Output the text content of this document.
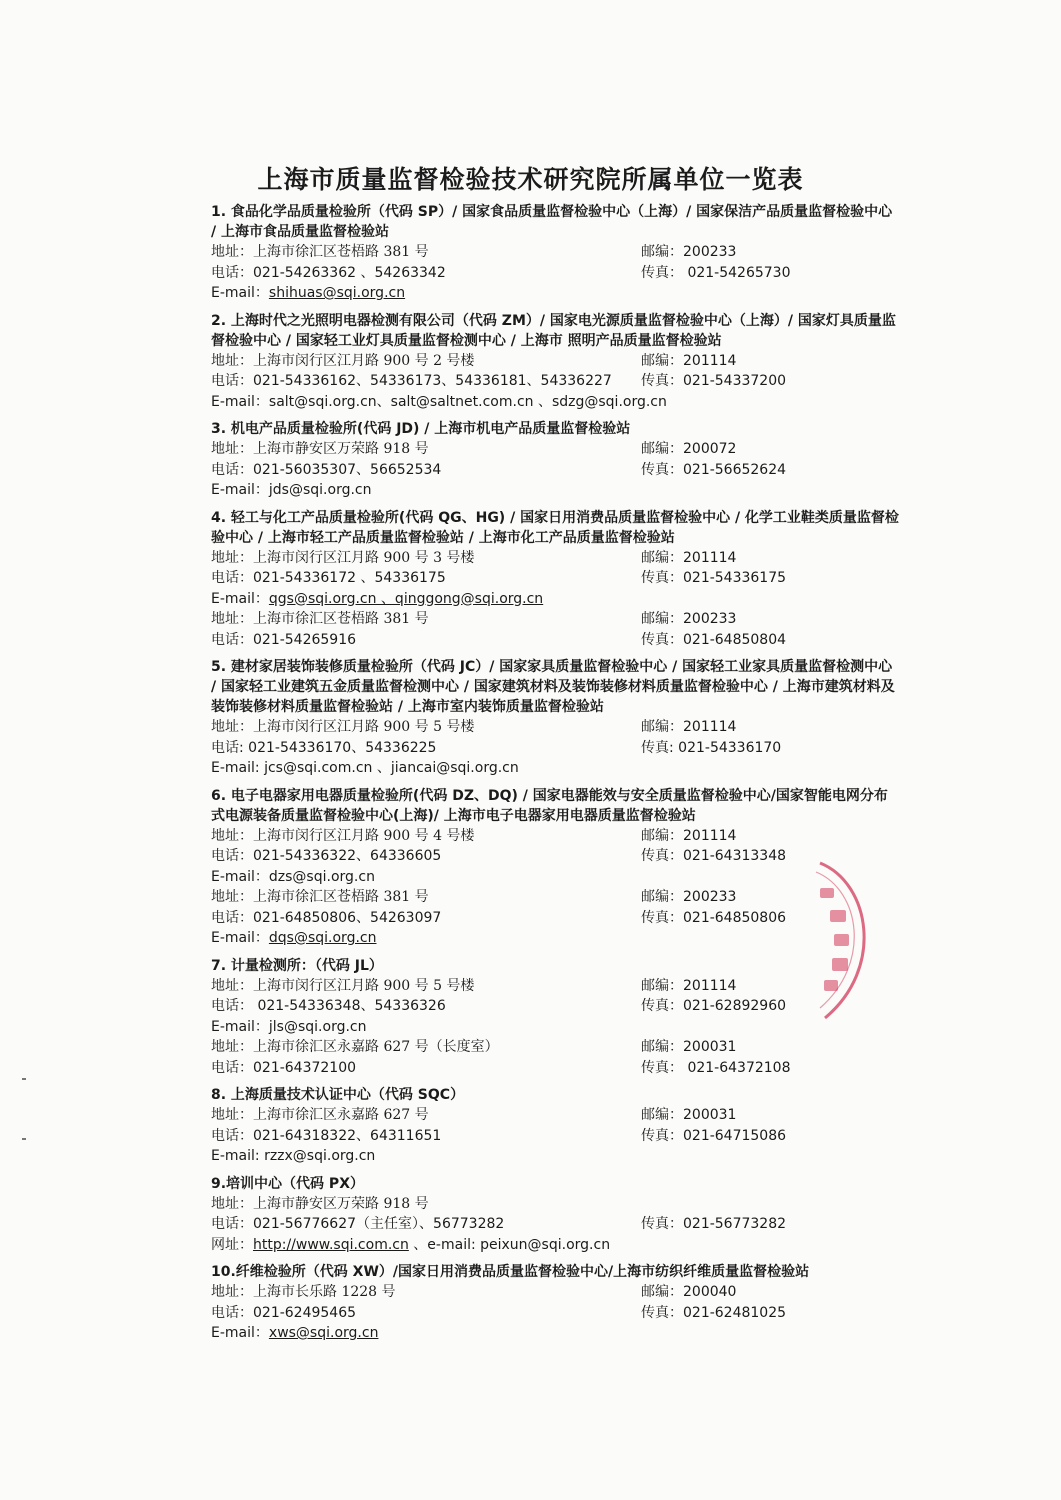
上海市质量监督检验技术研究院所属单位一览表
1. 食品化学品质量检验所（代码 SP）/ 国家食品质量监督检验中心（上海）/ 国家保洁产品质量监督检验中心 / 上海市食品质量监督检验站
地址：上海市徐汇区苍梧路 381 号	邮编：200233
电话：021-54263362 、54263342	传真： 021-54265730
E-mail：shihuas@sqi.org.cn
2. 上海时代之光照明电器检测有限公司（代码 ZM）/ 国家电光源质量监督检验中心（上海）/ 国家灯具质量监督检验中心 / 国家轻工业灯具质量监督检测中心 / 上海市 照明产品质量监督检验站
地址：上海市闵行区江月路 900 号 2 号楼	邮编：201114
电话：021-54336162、54336173、54336181、54336227 传真：021-54337200
E-mail：salt@sqi.org.cn、salt@saltnet.com.cn 、sdzg@sqi.org.cn
3. 机电产品质量检验所(代码 JD) / 上海市机电产品质量监督检验站
地址：上海市静安区万荣路 918 号	邮编：200072
电话：021-56035307、56652534	传真：021-56652624
E-mail：jds@sqi.org.cn
4. 轻工与化工产品质量检验所(代码 QG、HG) / 国家日用消费品质量监督检验中心 / 化学工业鞋类质量监督检验中心 / 上海市轻工产品质量监督检验站 / 上海市化工产品质量监督检验站
地址：上海市闵行区江月路 900 号 3 号楼	邮编：201114
电话：021-54336172 、54336175	传真：021-54336175
E-mail：qgs@sqi.org.cn 、qinggong@sqi.org.cn
地址：上海市徐汇区苍梧路 381 号	邮编：200233
电话：021-54265916	传真：021-64850804
5. 建材家居装饰装修质量检验所（代码 JC）/ 国家家具质量监督检验中心 / 国家轻工业家具质量监督检测中心 / 国家轻工业建筑五金质量监督检测中心 / 国家建筑材料及装饰装修材料质量监督检验中心 / 上海市建筑材料及装饰装修材料质量监督检验站 / 上海市室内装饰质量监督检验站
地址：上海市闵行区江月路 900 号 5 号楼	邮编：201114
电话: 021-54336170、54336225	传真: 021-54336170
E-mail: jcs@sqi.com.cn 、jiancai@sqi.org.cn
6. 电子电器家用电器质量检验所(代码 DZ、DQ) / 国家电器能效与安全质量监督检验中心/国家智能电网分布式电源装备质量监督检验中心(上海)/ 上海市电子电器家用电器质量监督检验站
地址：上海市闵行区江月路 900 号 4 号楼	邮编：201114
电话：021-54336322、64336605	传真：021-64313348
E-mail：dzs@sqi.org.cn
地址：上海市徐汇区苍梧路 381 号	邮编：200233
电话：021-64850806、54263097	传真：021-64850806
E-mail：dqs@sqi.org.cn
7. 计量检测所：（代码 JL）
地址：上海市闵行区江月路 900 号 5 号楼	邮编：201114
电话： 021-54336348、54336326	传真：021-62892960
E-mail：jls@sqi.org.cn
地址：上海市徐汇区永嘉路 627 号（长度室）	邮编：200031
电话：021-64372100	传真： 021-64372108
8. 上海质量技术认证中心（代码 SQC）
地址：上海市徐汇区永嘉路 627 号	邮编：200031
电话：021-64318322、64311651	传真：021-64715086
E-mail: rzzx@sqi.org.cn
9.培训中心（代码 PX）
地址：上海市静安区万荣路 918 号
电话：021-56776627（主任室）、56773282	传真：021-56773282
网址：http://www.sqi.com.cn 、e-mail: peixun@sqi.org.cn
10.纤维检验所（代码 XW）/国家日用消费品质量监督检验中心/上海市纺织纤维质量监督检验站
地址：上海市长乐路 1228 号	邮编：200040
电话：021-62495465	传真：021-62481025
E-mail：xws@sqi.org.cn
